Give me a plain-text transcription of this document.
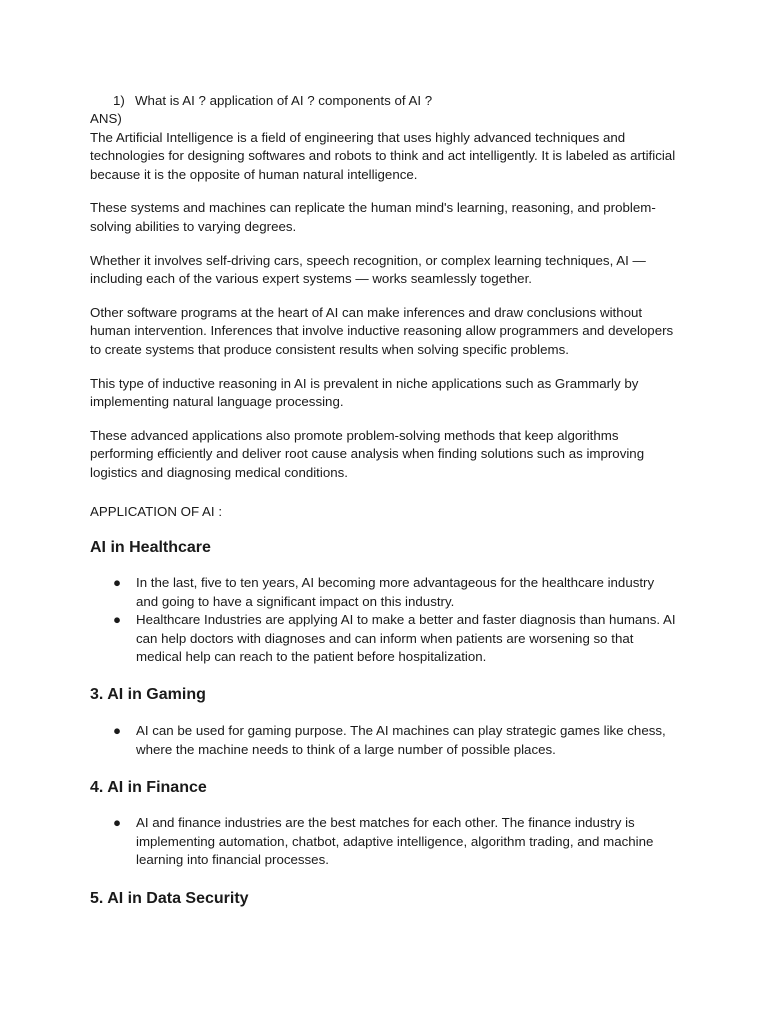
1) What is AI ? application of AI ? components of AI ?

ANS)

The Artificial Intelligence is a field of engineering that uses highly advanced techniques and technologies for designing softwares and robots to think and act intelligently. It is labeled as artificial because it is the opposite of human natural intelligence.

These systems and machines can replicate the human mind's learning, reasoning, and problem-solving abilities to varying degrees.

Whether it involves self-driving cars, speech recognition, or complex learning techniques, AI — including each of the various expert systems — works seamlessly together.

Other software programs at the heart of AI can make inferences and draw conclusions without human intervention. Inferences that involve inductive reasoning allow programmers and developers to create systems that produce consistent results when solving specific problems.

This type of inductive reasoning in AI is prevalent in niche applications such as Grammarly by implementing natural language processing.

These advanced applications also promote problem-solving methods that keep algorithms performing efficiently and deliver root cause analysis when finding solutions such as improving logistics and diagnosing medical conditions.

APPLICATION OF AI :

AI in Healthcare
● In the last, five to ten years, AI becoming more advantageous for the healthcare industry and going to have a significant impact on this industry.
● Healthcare Industries are applying AI to make a better and faster diagnosis than humans. AI can help doctors with diagnoses and can inform when patients are worsening so that medical help can reach to the patient before hospitalization.
3. AI in Gaming
● AI can be used for gaming purpose. The AI machines can play strategic games like chess, where the machine needs to think of a large number of possible places.
4. AI in Finance
● AI and finance industries are the best matches for each other. The finance industry is implementing automation, chatbot, adaptive intelligence, algorithm trading, and machine learning into financial processes.
5. AI in Data Security
